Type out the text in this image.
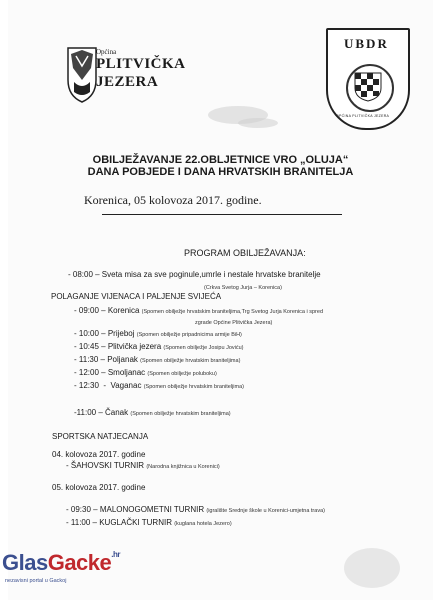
Općina
PLITVIČKA
JEZERA
UBDR
OPĆINA PLITVIČKA JEZERA
OBILJEŽAVANJE 22.OBLJETNICE VRO „OLUJA“
DANA POBJEDE I DANA HRVATSKIH BRANITELJA
Korenica, 05 kolovoza 2017. godine.
PROGRAM OBILJEŽAVANJA:
- 08:00 – Sveta misa za sve poginule,umrle i nestale hrvatske branitelje
(Crkva Svetog Jurja – Korenica)
POLAGANJE VIJENACA I PALJENJE SVIJEĆA
- 09:00 – Korenica (Spomen obilježje hrvatskim braniteljima,Trg Svetog Jurja Korenica i spred
zgrade Općine Plitvička Jezera)
- 10:00 – Prijeboj (Spomen obilježje pripadnicima armije BiH)
- 10:45 – Plitvička jezera (Spomen obilježje Josipu Joviću)
- 11:30 – Poljanak (Spomen obilježje hrvatskim braniteljima)
- 12:00 – Smoljanac (Spomen obilježje poluboku)
- 12:30  -  Vaganac (Spomen obilježje hrvatskim braniteljima)
-11:00 – Čanak (Spomen obilježje hrvatskim braniteljima)
SPORTSKA NATJECANJA
04. kolovoza 2017. godine
- ŠAHOVSKI TURNIR (Narodna knjižnica u Korenici)
05. kolovoza 2017. godine
- 09:30 – MALONOGOMETNI TURNIR (igralište Srednje škole u Korenici-umjetna trava)
- 11:00 – KUGLAČKI TURNIR (kuglana hotela Jezero)
GlasGacke$^{.hr}$
nezavisni portal u Gackoj
